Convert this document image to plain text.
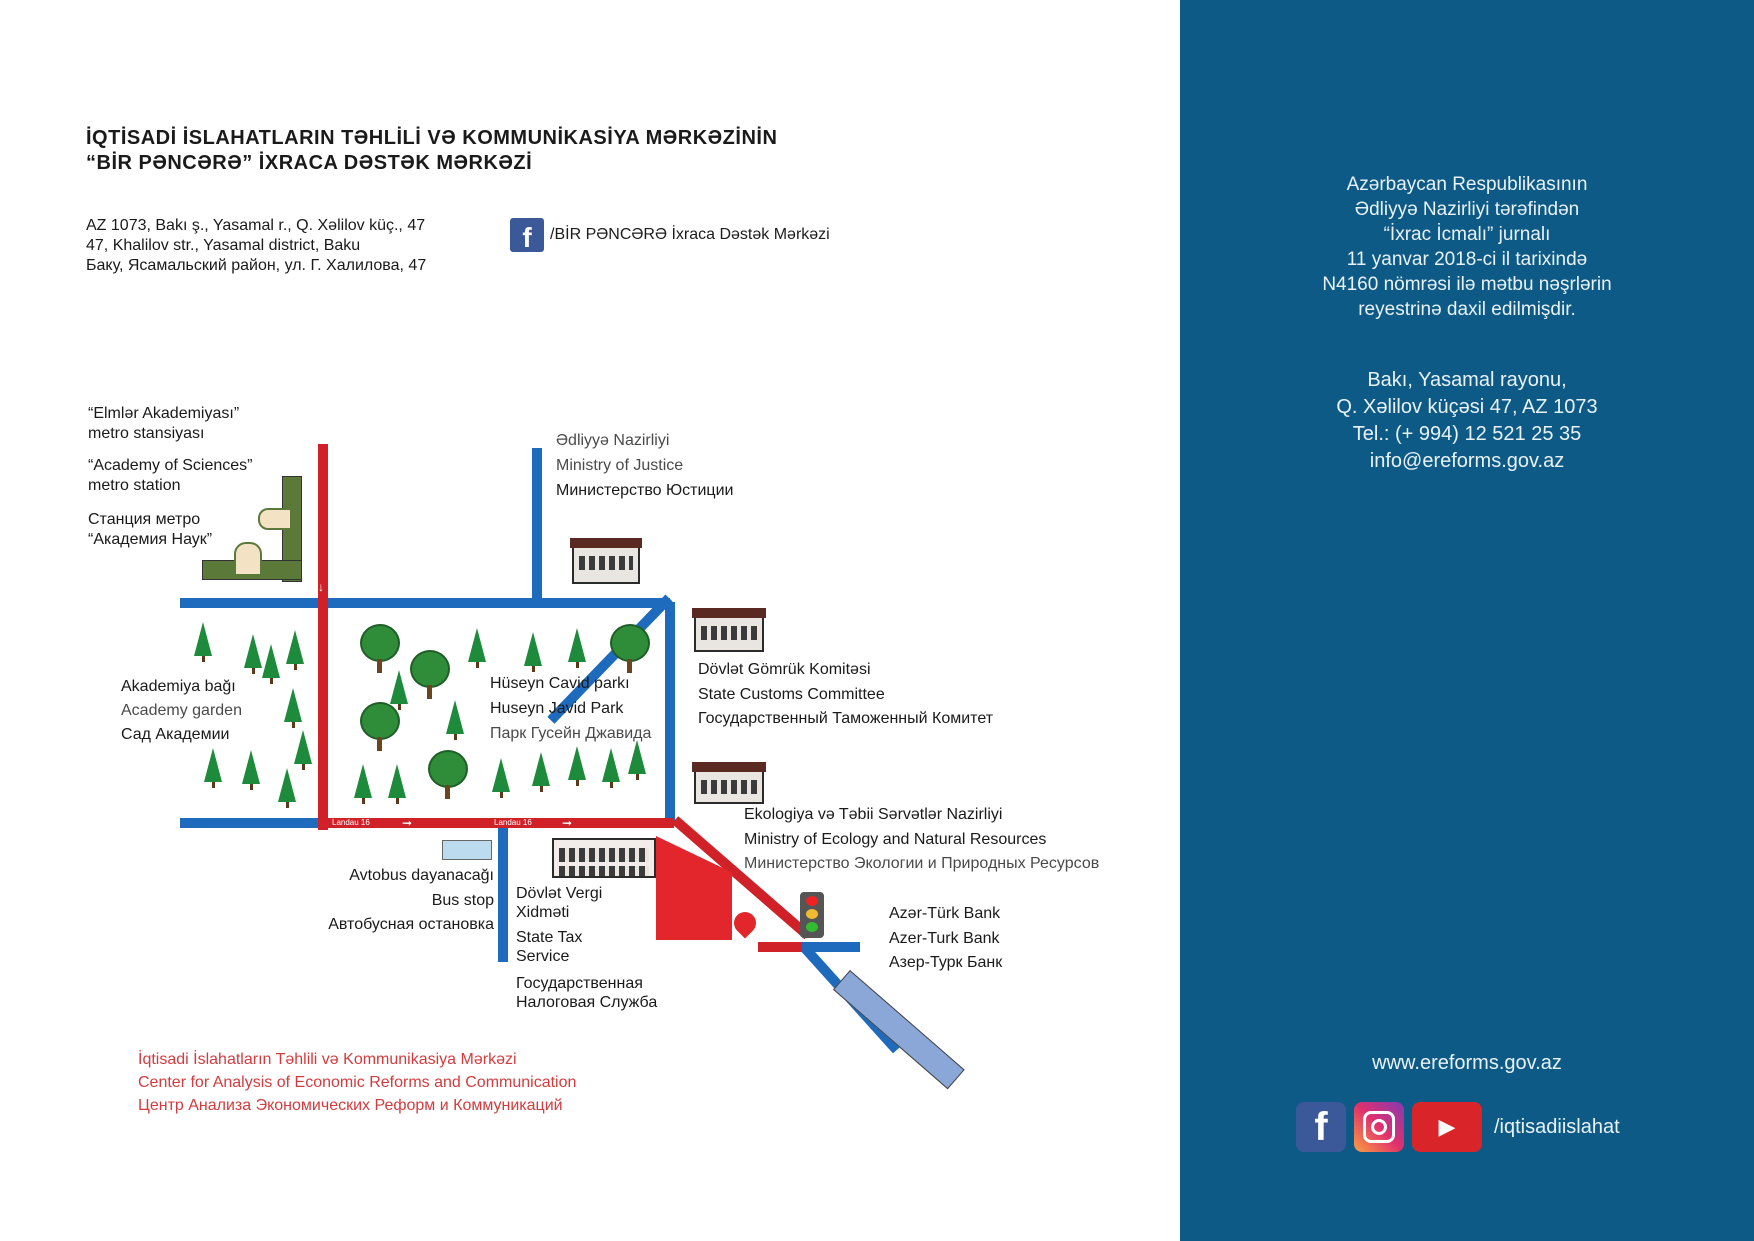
İQTİSADİ İSLAHATLARIN TƏHLİLİ VƏ KOMMUNİKASİYA MƏRKƏZİNİN
“BİR PƏNCƏRƏ” İXRACA DƏSTƏK MƏRKƏZİ
AZ 1073, Bakı ş., Yasamal r., Q. Xəlilov küç., 47
47, Khalilov str., Yasamal district, Baku
Баку, Ясамальский район, ул. Г. Халилова, 47
f	/BİR PƏNCƏRƏ İxraca Dəstək Mərkəzi
Landau 16	Landau 16
➞	➞
↓
“Elmlər Akademiyası”
metro stansiyası
“Academy of Sciences”
metro station
Станция метро
“Академия Наук”
Ədliyyə Nazirliyi
Ministry of Justice
Министерство Юстиции
Akademiya bağı
Academy garden
Сад Академии
Hüseyn Cavid parkı
Huseyn Javid Park
Парк Гусейн Джавида
Dövlət Gömrük Komitəsi
State Customs Committee
Государственный Таможенный Комитет
Ekologiya və Təbii Sərvətlər Nazirliyi
Ministry of Ecology and Natural Resources
Министерство Экологии и Природных Ресурсов
Avtobus dayanacağı
Bus stop
Автобусная остановка
Dövlət Vergi
Xidməti
State Tax
Service
Государственная
Налоговая Служба
Azər-Türk Bank
Azer-Turk Bank
Азер-Турк Банк
İqtisadi İslahatların Təhlili və Kommunikasiya Mərkəzi
Center for Analysis of Economic Reforms and Communication
Центр Анализа Экономических Реформ и Коммуникаций
Azərbaycan Respublikasının
Ədliyyə Nazirliyi tərəfindən
“İxrac İcmalı” jurnalı
11 yanvar 2018-ci il tarixində
N4160 nömrəsi ilə mətbu nəşrlərin
reyestrinə daxil edilmişdir.
Bakı, Yasamal rayonu,
Q. Xəlilov küçəsi 47, AZ 1073
Tel.: (+ 994) 12 521 25 35
info@ereforms.gov.az
www.ereforms.gov.az
f	▶	/iqtisadiislahat
